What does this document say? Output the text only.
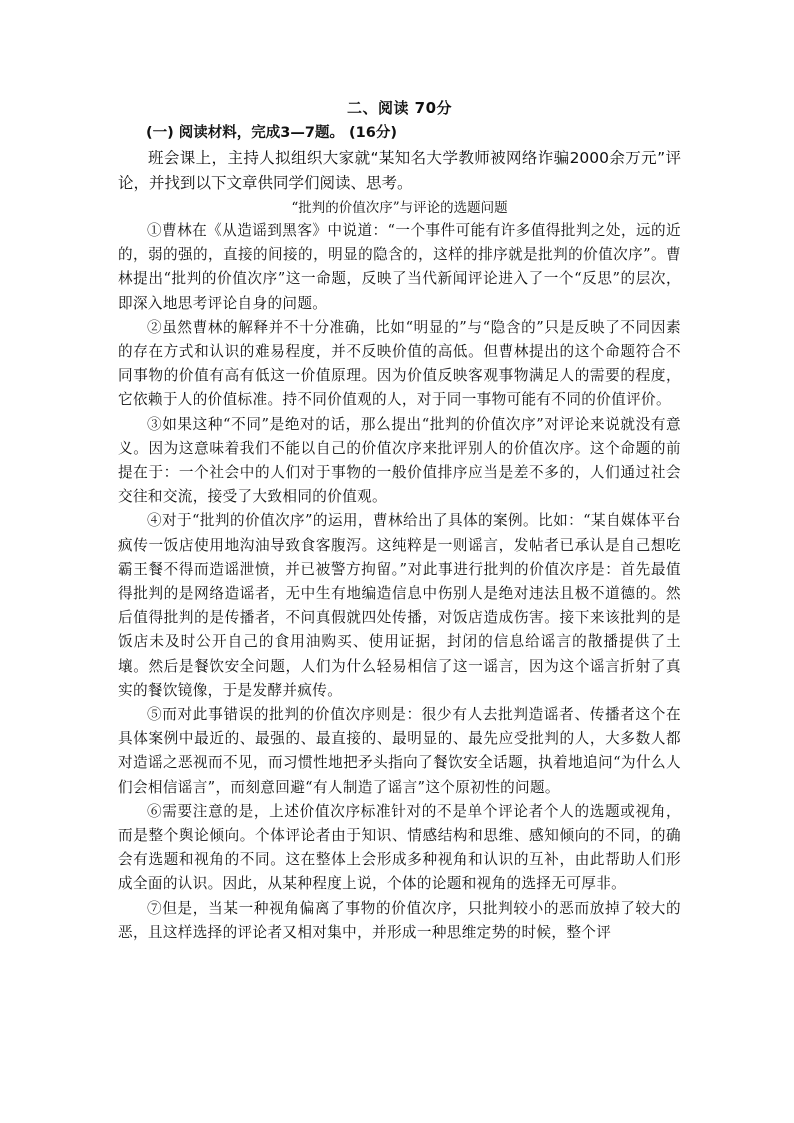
二、阅读 70分
(一) 阅读材料，完成3—7题。 (16分)

班会课上，主持人拟组织大家就“某知名大学教师被网络诈骗2000余万元”评论，并找到以下文章供同学们阅读、思考。

“批判的价值次序”与评论的选题问题

①曹林在《从造谣到黑客》中说道：“一个事件可能有许多值得批判之处，远的近的，弱的强的，直接的间接的，明显的隐含的，这样的排序就是批判的价值次序”。曹林提出“批判的价值次序”这一命题，反映了当代新闻评论进入了一个“反思”的层次，即深入地思考评论自身的问题。

②虽然曹林的解释并不十分准确，比如“明显的”与“隐含的”只是反映了不同因素的存在方式和认识的难易程度，并不反映价值的高低。但曹林提出的这个命题符合不同事物的价值有高有低这一价值原理。因为价值反映客观事物满足人的需要的程度，它依赖于人的价值标准。持不同价值观的人，对于同一事物可能有不同的价值评价。

③如果这种“不同”是绝对的话，那么提出“批判的价值次序”对评论来说就没有意义。因为这意味着我们不能以自己的价值次序来批评别人的价值次序。这个命题的前提在于：一个社会中的人们对于事物的一般价值排序应当是差不多的，人们通过社会交往和交流，接受了大致相同的价值观。

④对于“批判的价值次序”的运用，曹林给出了具体的案例。比如：“某自媒体平台疯传一饭店使用地沟油导致食客腹泻。这纯粹是一则谣言，发帖者已承认是自己想吃霸王餐不得而造谣泄愤，并已被警方拘留。”对此事进行批判的价值次序是：首先最值得批判的是网络造谣者，无中生有地编造信息中伤别人是绝对违法且极不道德的。然后值得批判的是传播者，不问真假就四处传播，对饭店造成伤害。接下来该批判的是饭店未及时公开自己的食用油购买、使用证据，封闭的信息给谣言的散播提供了土壤。然后是餐饮安全问题，人们为什么轻易相信了这一谣言，因为这个谣言折射了真实的餐饮镜像，于是发酵并疯传。

⑤而对此事错误的批判的价值次序则是：很少有人去批判造谣者、传播者这个在具体案例中最近的、最强的、最直接的、最明显的、最先应受批判的人，大多数人都对造谣之恶视而不见，而习惯性地把矛头指向了餐饮安全话题，执着地追问“为什么人们会相信谣言”，而刻意回避“有人制造了谣言”这个原初性的问题。

⑥需要注意的是，上述价值次序标准针对的不是单个评论者个人的选题或视角，而是整个舆论倾向。个体评论者由于知识、情感结构和思维、感知倾向的不同，的确会有选题和视角的不同。这在整体上会形成多种视角和认识的互补，由此帮助人们形成全面的认识。因此，从某种程度上说，个体的论题和视角的选择无可厚非。

⑦但是，当某一种视角偏离了事物的价值次序，只批判较小的恶而放掉了较大的恶，且这样选择的评论者又相对集中，并形成一种思维定势的时候，整个评
